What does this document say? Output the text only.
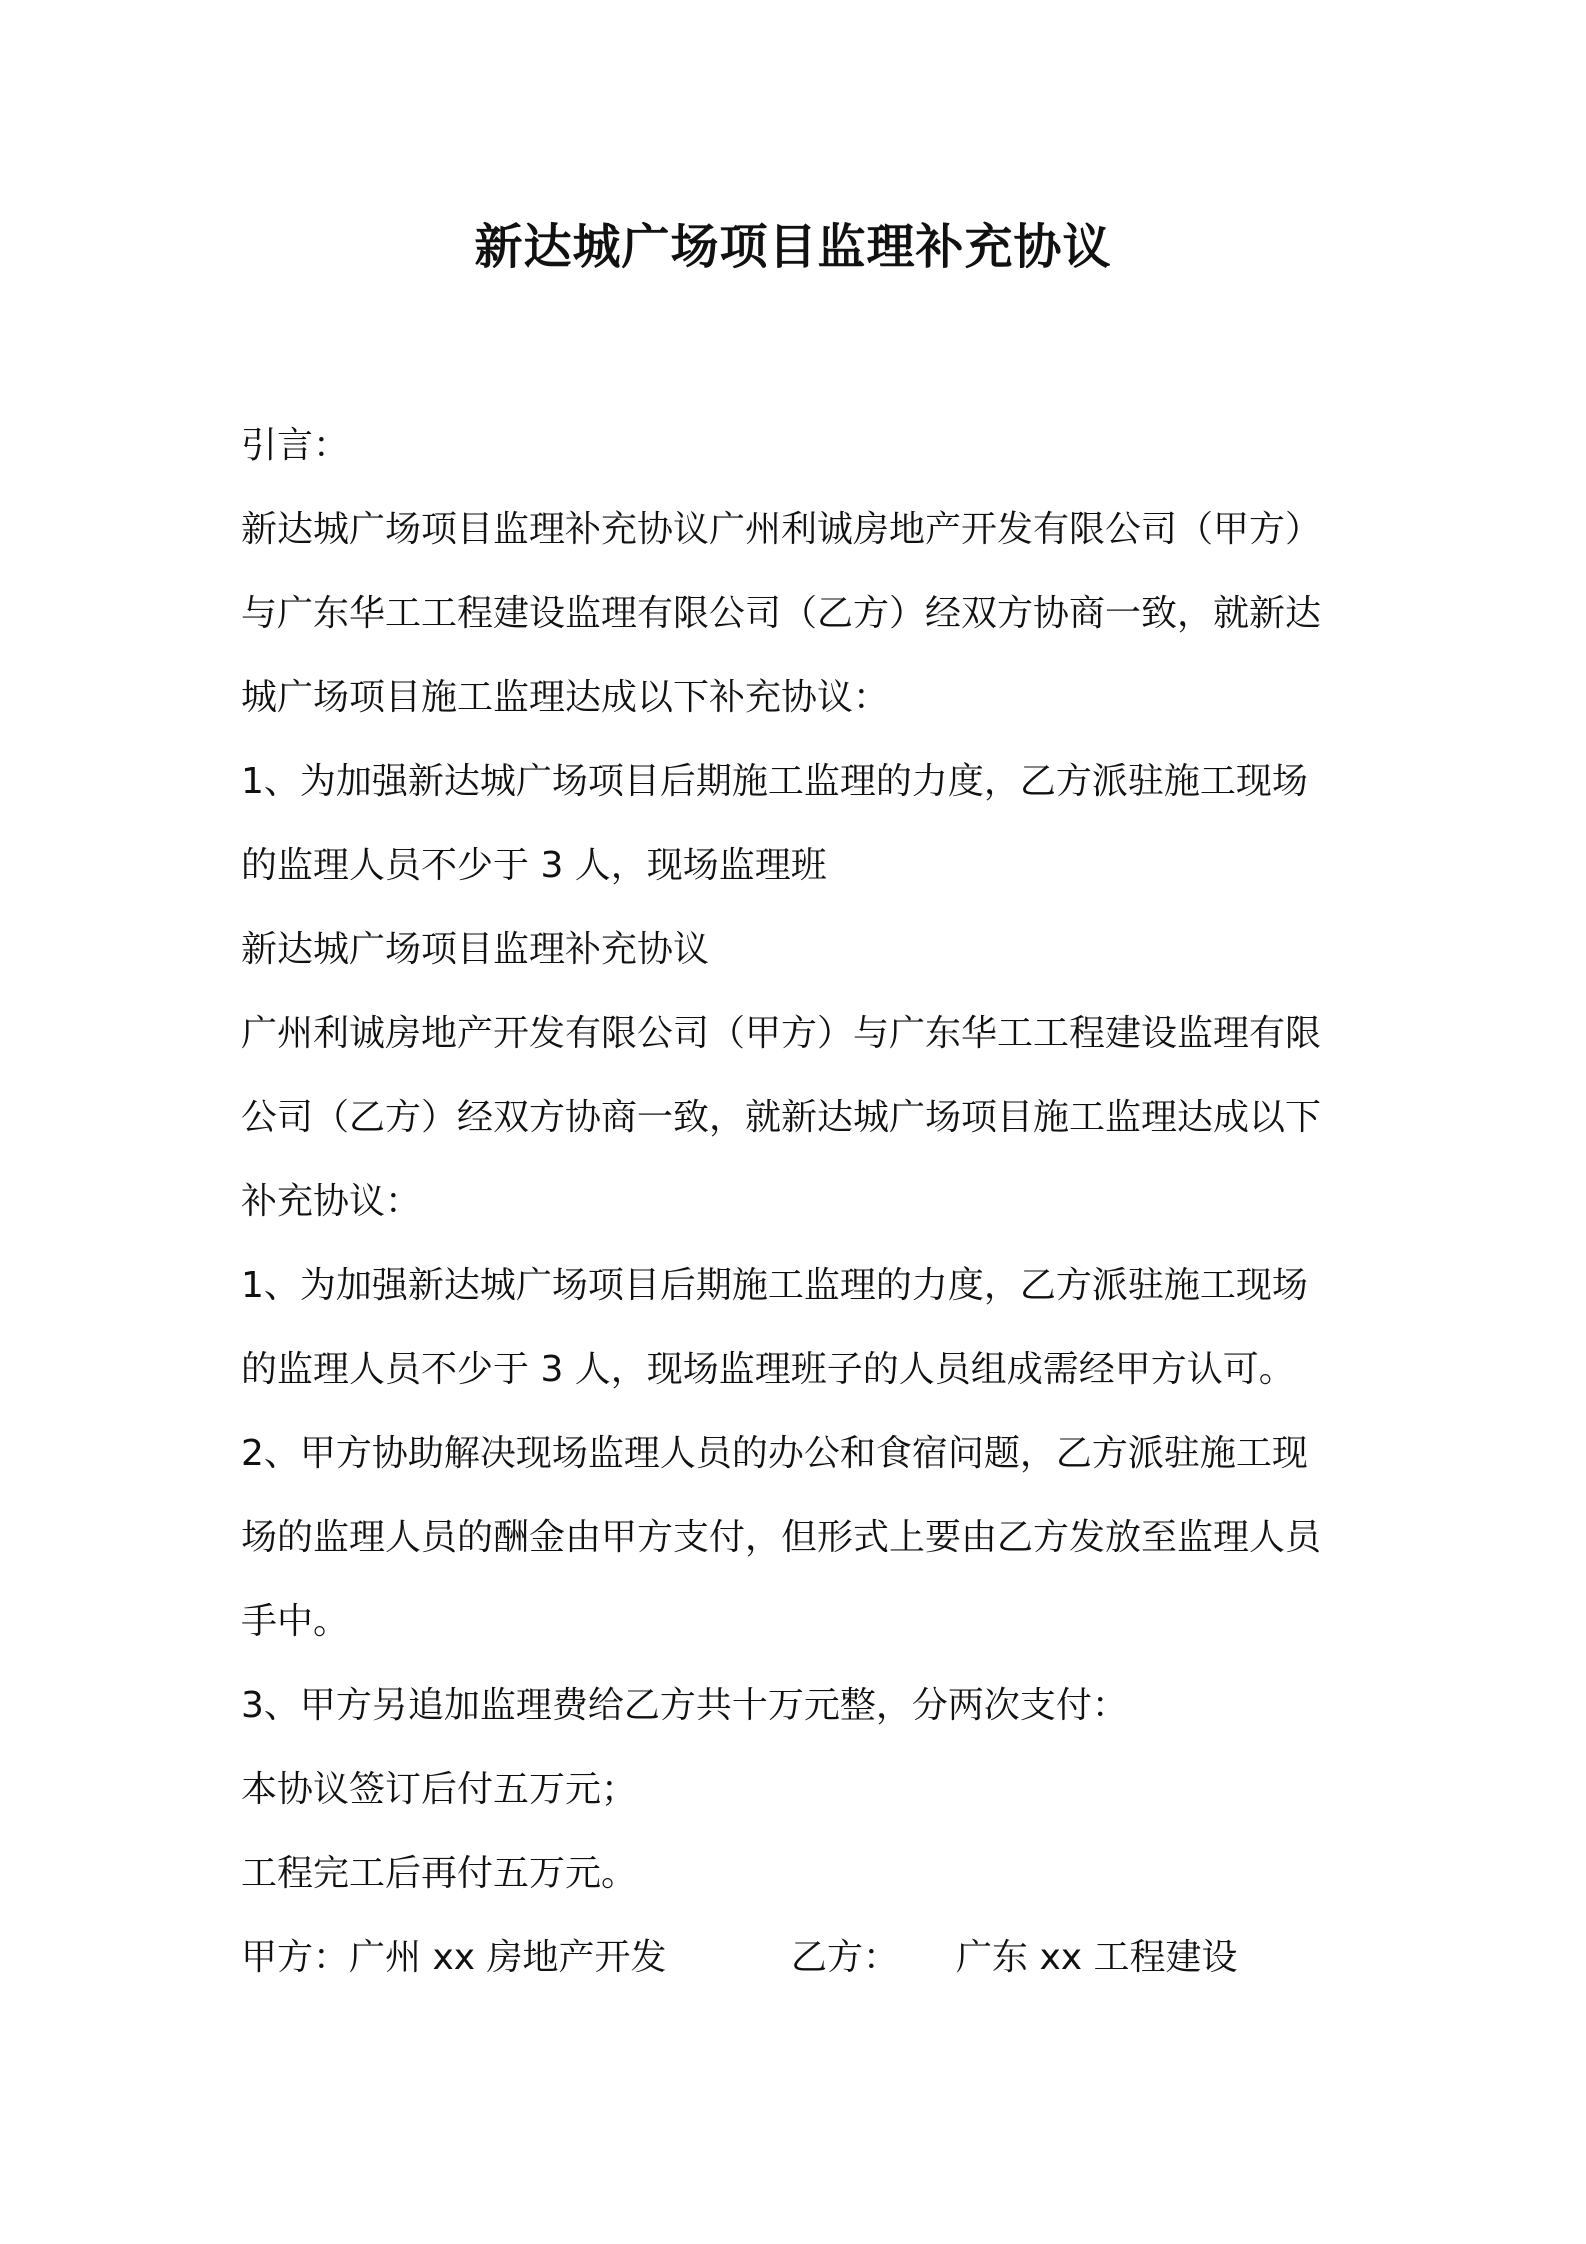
新达城广场项目监理补充协议

引言：

新达城广场项目监理补充协议广州利诚房地产开发有限公司（甲方）

与广东华工工程建设监理有限公司（乙方）经双方协商一致，就新达

城广场项目施工监理达成以下补充协议：

1、为加强新达城广场项目后期施工监理的力度，乙方派驻施工现场

的监理人员不少于 3 人，现场监理班

新达城广场项目监理补充协议

广州利诚房地产开发有限公司（甲方）与广东华工工程建设监理有限

公司（乙方）经双方协商一致，就新达城广场项目施工监理达成以下

补充协议：

1、为加强新达城广场项目后期施工监理的力度，乙方派驻施工现场

的监理人员不少于 3 人，现场监理班子的人员组成需经甲方认可。

2、甲方协助解决现场监理人员的办公和食宿问题，乙方派驻施工现

场的监理人员的酬金由甲方支付，但形式上要由乙方发放至监理人员

手中。

3、甲方另追加监理费给乙方共十万元整，分两次支付：

本协议签订后付五万元；

工程完工后再付五万元。

甲方：广州 xx 房地产开发	乙方： 广东 xx 工程建设
